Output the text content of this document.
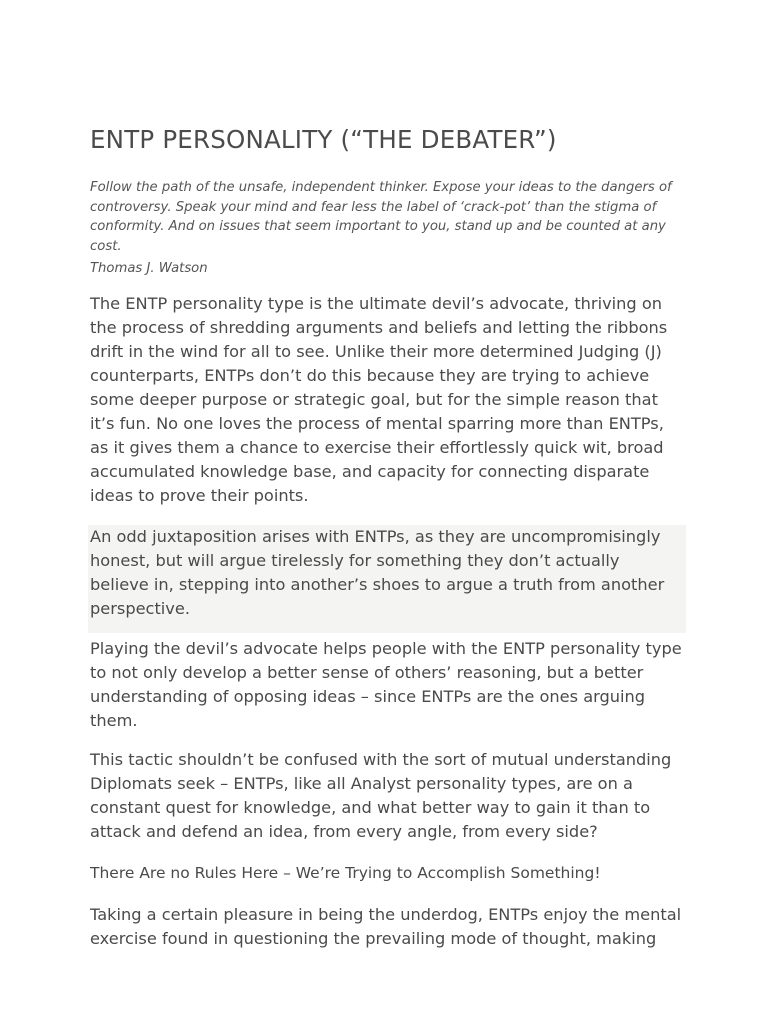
ENTP PERSONALITY (“THE DEBATER”)

Follow the path of the unsafe, independent thinker. Expose your ideas to the dangers of controversy. Speak your mind and fear less the label of ‘crack-pot’ than the stigma of conformity. And on issues that seem important to you, stand up and be counted at any cost.

Thomas J. Watson

The ENTP personality type is the ultimate devil’s advocate, thriving on the process of shredding arguments and beliefs and letting the ribbons drift in the wind for all to see. Unlike their more determined Judging (J) counterparts, ENTPs don’t do this because they are trying to achieve some deeper purpose or strategic goal, but for the simple reason that it’s fun. No one loves the process of mental sparring more than ENTPs, as it gives them a chance to exercise their effortlessly quick wit, broad accumulated knowledge base, and capacity for connecting disparate ideas to prove their points.

An odd juxtaposition arises with ENTPs, as they are uncompromisingly honest, but will argue tirelessly for something they don’t actually believe in, stepping into another’s shoes to argue a truth from another perspective.

Playing the devil’s advocate helps people with the ENTP personality type to not only develop a better sense of others’ reasoning, but a better understanding of opposing ideas – since ENTPs are the ones arguing them.

This tactic shouldn’t be confused with the sort of mutual understanding Diplomats seek – ENTPs, like all Analyst personality types, are on a constant quest for knowledge, and what better way to gain it than to attack and defend an idea, from every angle, from every side?

There Are no Rules Here – We’re Trying to Accomplish Something!

Taking a certain pleasure in being the underdog, ENTPs enjoy the mental exercise found in questioning the prevailing mode of thought, making
